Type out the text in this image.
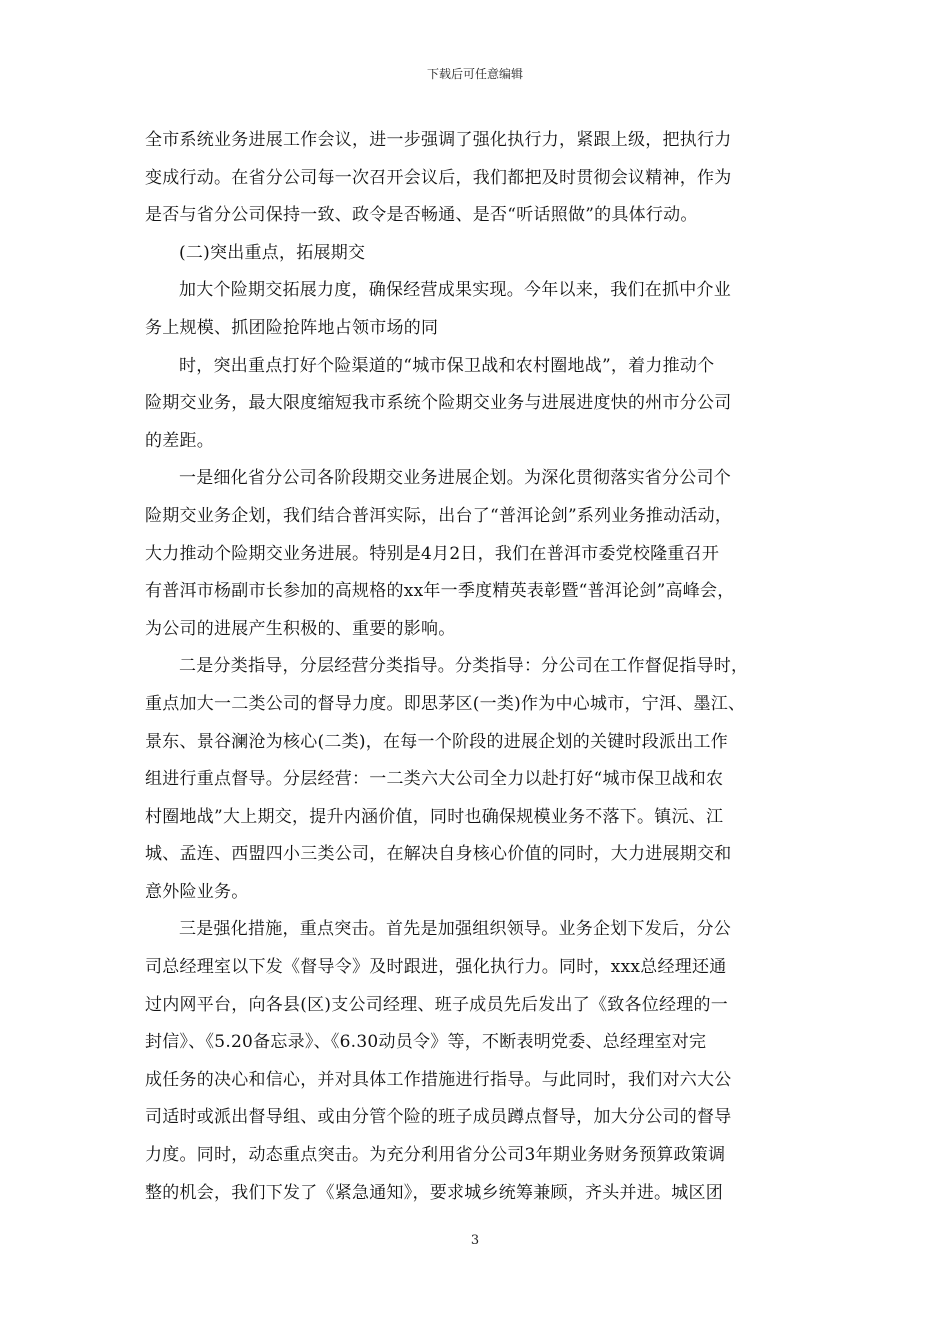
下载后可任意编辑
全市系统业务进展工作会议，进一步强调了强化执行力，紧跟上级，把执行力
变成行动。在省分公司每一次召开会议后，我们都把及时贯彻会议精神，作为
是否与省分公司保持一致、政令是否畅通、是否“听话照做”的具体行动。
(二)突出重点，拓展期交
加大个险期交拓展力度，确保经营成果实现。今年以来，我们在抓中介业
务上规模、抓团险抢阵地占领市场的同
时，突出重点打好个险渠道的“城市保卫战和农村圈地战”，着力推动个
险期交业务，最大限度缩短我市系统个险期交业务与进展进度快的州市分公司
的差距。
一是细化省分公司各阶段期交业务进展企划。为深化贯彻落实省分公司个
险期交业务企划，我们结合普洱实际，出台了“普洱论剑”系列业务推动活动，
大力推动个险期交业务进展。特别是4月2日，我们在普洱市委党校隆重召开
有普洱市杨副市长参加的高规格的xx年一季度精英表彰暨“普洱论剑”高峰会，
为公司的进展产生积极的、重要的影响。
二是分类指导，分层经营分类指导。分类指导：分公司在工作督促指导时，
重点加大一二类公司的督导力度。即思茅区(一类)作为中心城市，宁洱、墨江、
景东、景谷澜沧为核心(二类)，在每一个阶段的进展企划的关键时段派出工作
组进行重点督导。分层经营：一二类六大公司全力以赴打好“城市保卫战和农
村圈地战”大上期交，提升内涵价值，同时也确保规模业务不落下。镇沅、江
城、孟连、西盟四小三类公司，在解决自身核心价值的同时，大力进展期交和
意外险业务。
三是强化措施，重点突击。首先是加强组织领导。业务企划下发后，分公
司总经理室以下发《督导令》及时跟进，强化执行力。同时，xxx总经理还通
过内网平台，向各县(区)支公司经理、班子成员先后发出了《致各位经理的一
封信》、《5.20备忘录》、《6.30动员令》等，不断表明党委、总经理室对完
成任务的决心和信心，并对具体工作措施进行指导。与此同时，我们对六大公
司适时或派出督导组、或由分管个险的班子成员蹲点督导，加大分公司的督导
力度。同时，动态重点突击。为充分利用省分公司3年期业务财务预算政策调
整的机会，我们下发了《紧急通知》，要求城乡统筹兼顾，齐头并进。城区团
3
